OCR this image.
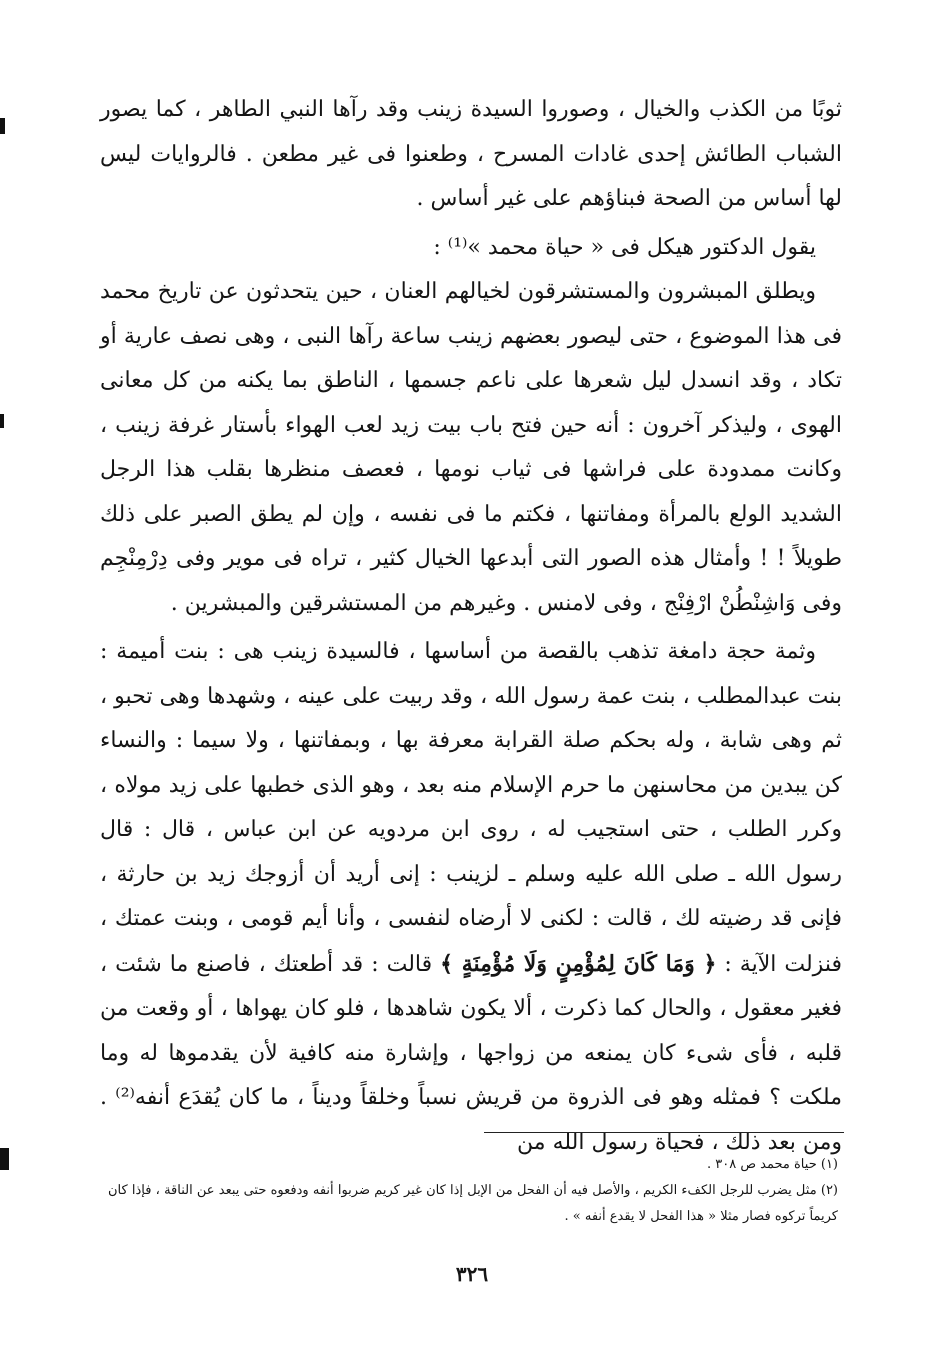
ثوبًا من الكذب والخيال ، وصوروا السيدة زينب وقد رآها النبي الطاهر ، كما يصور الشباب الطائش إحدى غادات المسرح ، وطعنوا فى غير مطعن . فالروايات ليس لها أساس من الصحة فبناؤهم على غير أساس .

يقول الدكتور هيكل فى « حياة محمد »⁽¹⁾ :

ويطلق المبشرون والمستشرقون لخيالهم العنان ، حين يتحدثون عن تاريخ محمد فى هذا الموضوع ، حتى ليصور بعضهم زينب ساعة رآها النبى ، وهى نصف عارية أو تكاد ، وقد انسدل ليل شعرها على ناعم جسمها ، الناطق بما يكنه من كل معانى الهوى ، وليذكر آخرون : أنه حين فتح باب بيت زيد لعب الهواء بأستار غرفة زينب ، وكانت ممدودة على فراشها فى ثياب نومها ، فعصف منظرها بقلب هذا الرجل الشديد الولع بالمرأة ومفاتنها ، فكتم ما فى نفسه ، وإن لم يطق الصبر على ذلك طويلاً ! ! وأمثال هذه الصور التى أبدعها الخيال كثير ، تراه فى موير وفى دِرْمِنْجِم وفى وَاشِنْطُنْ ارْفِنْج ، وفى لامنس . وغيرهم من المستشرقين والمبشرين .

وثمة حجة دامغة تذهب بالقصة من أساسها ، فالسيدة زينب هى : بنت أميمة : بنت عبدالمطلب ، بنت عمة رسول الله ، وقد ربيت على عينه ، وشهدها وهى تحبو ، ثم وهى شابة ، وله بحكم صلة القرابة معرفة بها ، وبمفاتنها ، ولا سيما : والنساء كن يبدين من محاسنهن ما حرم الإسلام منه بعد ، وهو الذى خطبها على زيد مولاه ، وكرر الطلب ، حتى استجيب له ، روى ابن مردويه عن ابن عباس ، قال : قال رسول الله ـ صلى الله عليه وسلم ـ لزينب : إنى أريد أن أزوجك زيد بن حارثة ، فإنى قد رضيته لك ، قالت : لكنى لا أرضاه لنفسى ، وأنا أيم قومى ، وبنت عمتك ، فنزلت الآية : ﴿ وَمَا كَانَ لِمُؤْمِنٍ وَلَا مُؤْمِنَةٍ ﴾ قالت : قد أطعتك ، فاصنع ما شئت ، فغير معقول ، والحال كما ذكرت ، ألا يكون شاهدها ، فلو كان يهواها ، أو وقعت من قلبه ، فأى شىء كان يمنعه من زواجها ، وإشارة منه كافية لأن يقدموها له وما ملكت ؟ فمثله وهو فى الذروة من قريش نسباً وخلقاً وديناً ، ما كان يُقدَع أنفه⁽²⁾ . ومن بعد ذلك ، فحياة رسول الله من

(١) حياة محمد ص ٣٠٨ .

(٢) مثل يضرب للرجل الكفء الكريم ، والأصل فيه أن الفحل من الإبل إذا كان غير كريم ضربوا أنفه ودفعوه حتى يبعد عن الناقة ، فإذا كان كريماً تركوه فصار مثلا « هذا الفحل لا يقدع أنفه » .

٣٢٦
